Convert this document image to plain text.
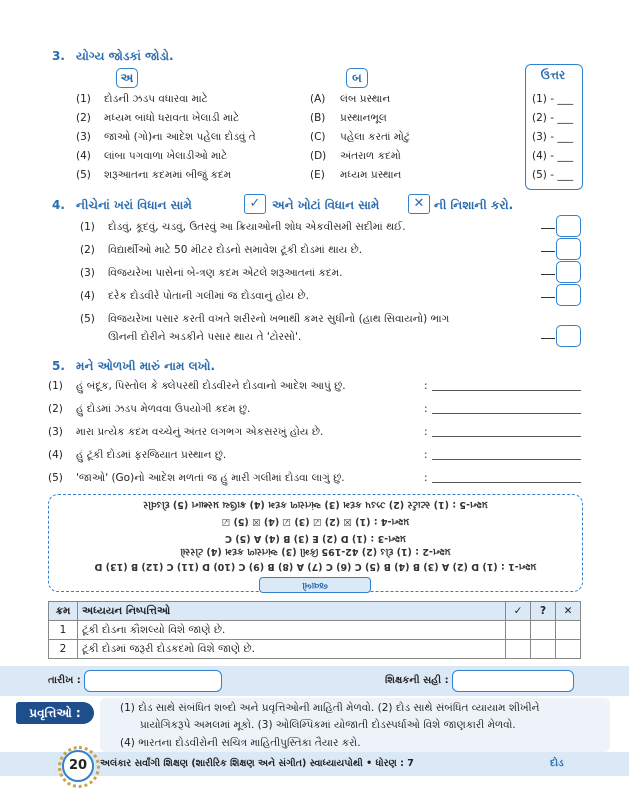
3. યોગ્ય જોડકાં જોડો.
અ	બ	ઉત્તર
(1) દોડની ઝડપ વધારવા માટે	(A) લંબ પ્રસ્થાન	(1) - ___
(2) મધ્યમ બાંધો ધરાવતા ખેલાડી માટે	(B) પ્રસ્થાનભૂલ	(2) - ___
(3) જાઓ (ગો)ના આદેશ પહેલા દોડવું તે	(C) પહેલા કરતાં મોટું	(3) - ___
(4) લાંબા પગવાળા ખેલાડીઓ માટે	(D) અંતરાળ કદમો	(4) - ___
(5) શરૂઆતના કદમમાં બીજું કદમ	(E) મધ્યમ પ્રસ્થાન	(5) - ___
4. નીચેનાં ખરાં વિધાન સામે	✓ અને ખોટાં વિધાન સામે	✕ ની નિશાની કરો.
(1) દોડવું, કૂદવું, ચડવું, ઉતરવું આ ક્રિયાઓની શોધ એકવીસમી સદીમાં થઈ.
(2) વિદ્યાર્થીઓ માટે 50 મીટર દોડનો સમાવેશ ટૂંકી દોડમાં થાય છે.
(3) વિજયરેખા પાસેનાં બે-ત્રણ કદમ એટલે શરૂઆતનાં કદમ.
(4) દરેક દોડવીરે પોતાની ગલીમાં જ દોડવાનું હોય છે.
(5) વિજયરેખા પસાર કરતી વખતે શરીરનો ખભાથી કમર સુધીનો (હાથ સિવાયનો) ભાગ
ઊનની દોરીને અડકીને પસાર થાય તે 'ટોરસો'.
5. મને ઓળખી મારું નામ લખો.
(1) હું બંદૂક, પિસ્તોલ કે ક્લેપરથી દોડવીરને દોડવાનો આદેશ આપું છું.	:
(2) હું દોડમાં ઝડપ મેળવવા ઉપયોગી કદમ છું.	:
(3) મારા પ્રત્યેક કદમ વચ્ચેનું અંતર લગભગ એકસરખું હોય છે.	:
(4) હું ટૂંકી દોડમાં ફરજિયાત પ્રસ્થાન છું.	:
(5) 'જાઓ' (Go)નો આદેશ મળતાં જ હું મારી ગલીમાં દોડવા લાગું છું.	:
પ્રશ્ન-5 : (1) સ્ટાર્ટર (2) ઝડપ કદમ (3) અંતરાળ કદમ (4) ક્રાઉચ પ્રસ્થાન (5) દોડવીર
પ્રશ્ન-4 : (1) ☒ (2) ☑ (3) ☑ (4) ☒ (5) ☑
પ્રશ્ન-3 : (1) D (2) E (3) B (4) A (5) C
પ્રશ્ન-2 : (1) દોડ (2) 42-195 કિમી (3) અંતરાળ કદમ (4) ટોરસો
પ્રશ્ન-1 : (1) D (2) A (3) B (4) B (5) C (6) C (7) A (8) B (9) C (10) D (11) C (12) B (13) D
જવાબો
ક્રમ	અધ્યયન નિષ્પત્તિઓ	✓	?	✕
1	ટૂંકી દોડના કૌશલ્યો વિશે જાણે છે.			
2	ટૂંકી દોડમાં જરૂરી દોડકદમો વિશે જાણે છે.			
તારીખ :	શિક્ષકની સહી :
પ્રવૃત્તિઓ :	(1) દોડ સાથે સંબંધિત શબ્દો અને પ્રવૃત્તિઓની માહિતી મેળવો. (2) દોડ સાથે સંબંધિત વ્યાયામ શીખીને
પ્રાયોગિકરૂપે અમલમાં મૂકો. (3) ઓલિમ્પિકમાં યોજાતી દોડસ્પર્ધાઓ વિશે જાણકારી મેળવો.
(4) ભારતના દોડવીરોની સચિત્ર માહિતીપુસ્તિકા તૈયાર કરો.
20	અલંકાર સર્વાંગી શિક્ષણ (શારીરિક શિક્ષણ અને સંગીત) સ્વાધ્યાયપોથી • ધોરણ : 7	દોડ
